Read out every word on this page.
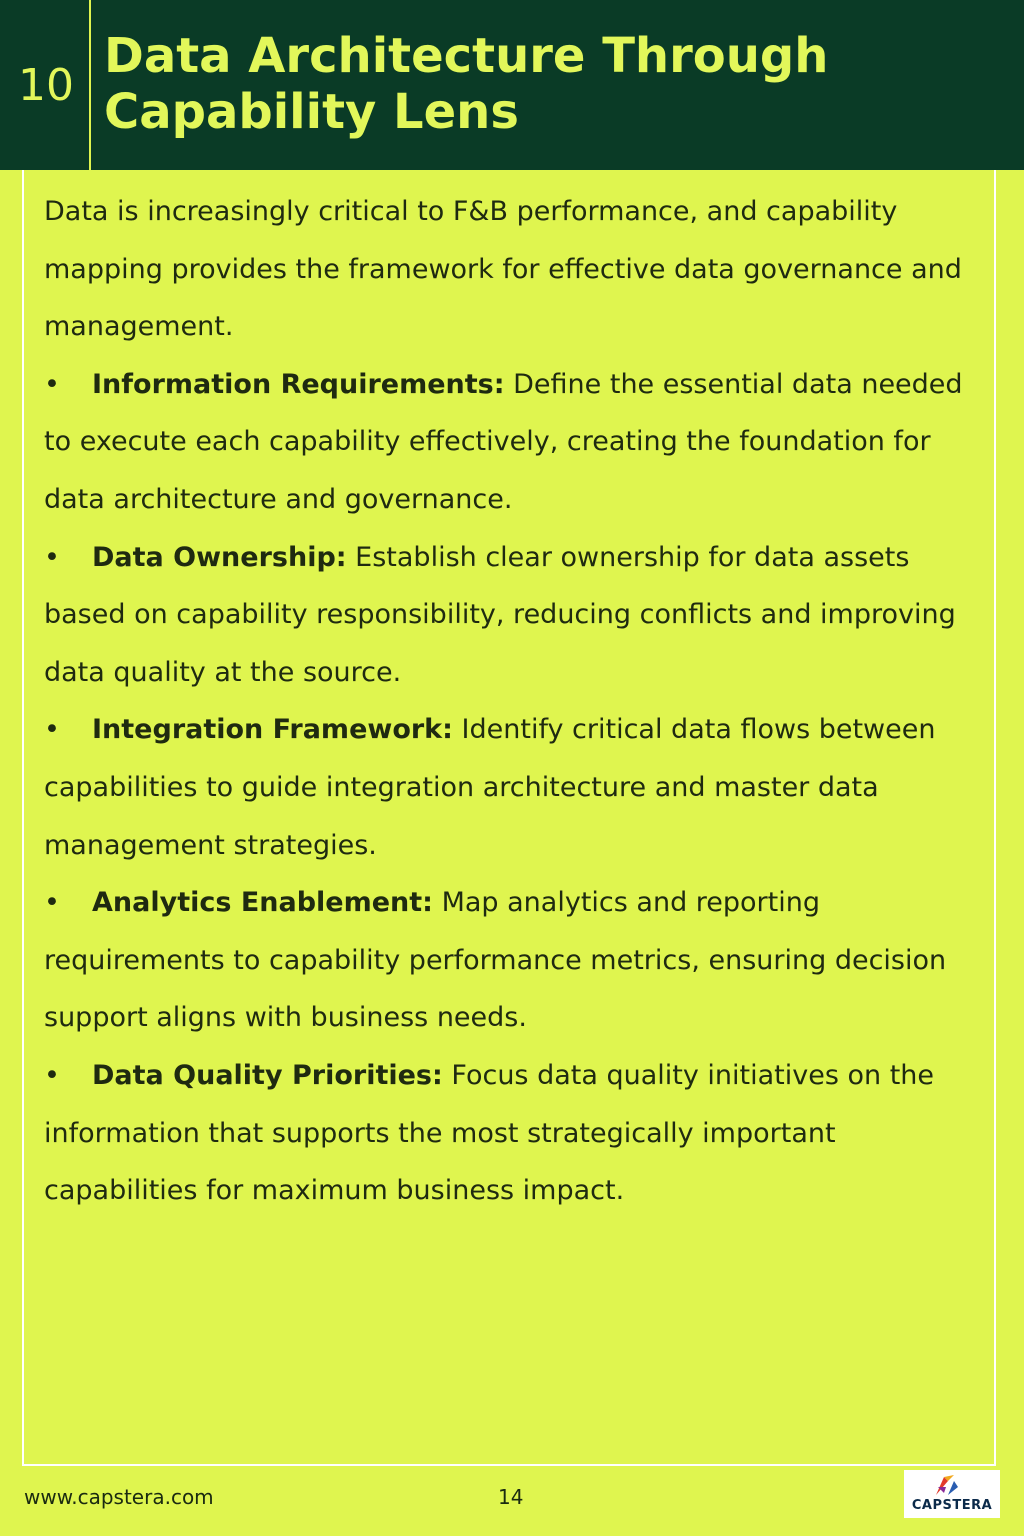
10
Data Architecture Through
Capability Lens

Data is increasingly critical to F&B performance, and capability mapping provides the framework for effective data governance and management.

• Information Requirements: Define the essential data needed to execute each capability effectively, creating the foundation for data architecture and governance.

• Data Ownership: Establish clear ownership for data assets based on capability responsibility, reducing conflicts and improving data quality at the source.

• Integration Framework: Identify critical data flows between capabilities to guide integration architecture and master data management strategies.

• Analytics Enablement: Map analytics and reporting requirements to capability performance metrics, ensuring decision support aligns with business needs.

• Data Quality Priorities: Focus data quality initiatives on the information that supports the most strategically important capabilities for maximum business impact.

www.capstera.com	14	CAPSTERA
